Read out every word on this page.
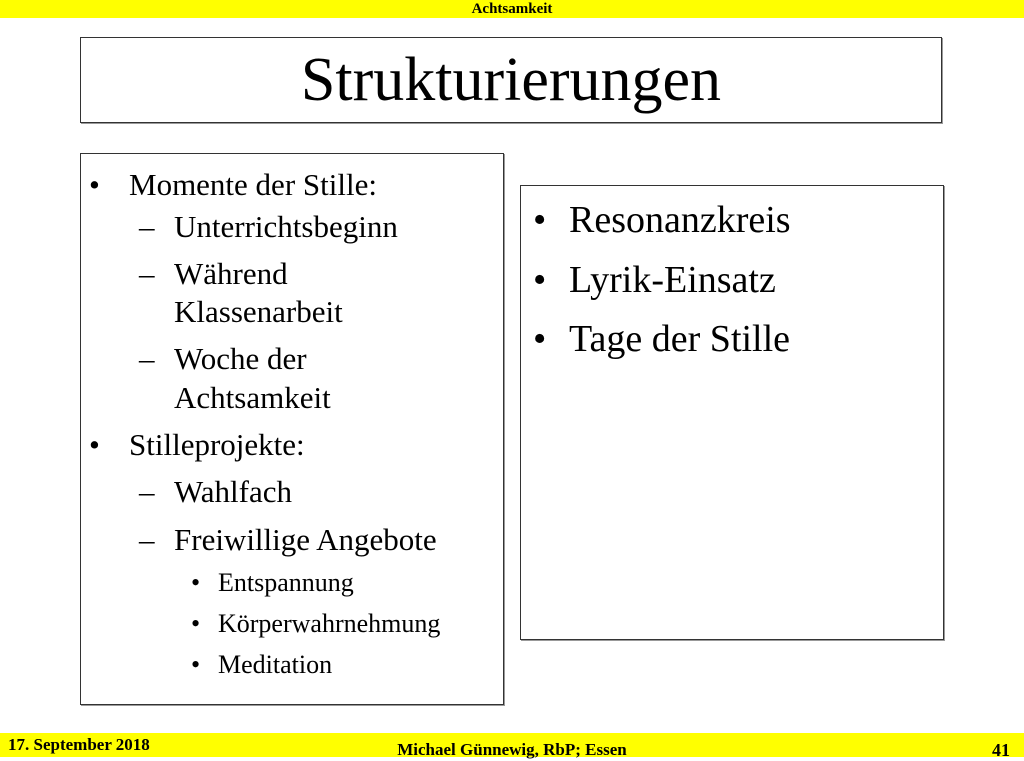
Achtsamkeit
Strukturierungen
• Momente der Stille:
– Unterrichtsbeginn
– Während
Klassenarbeit
– Woche der
Achtsamkeit
• Stilleprojekte:
– Wahlfach
– Freiwillige Angebote
• Entspannung
• Körperwahrnehmung
• Meditation
• Resonanzkreis
• Lyrik-Einsatz
• Tage der Stille
17. September 2018	Michael Günnewig, RbP; Essen	41
